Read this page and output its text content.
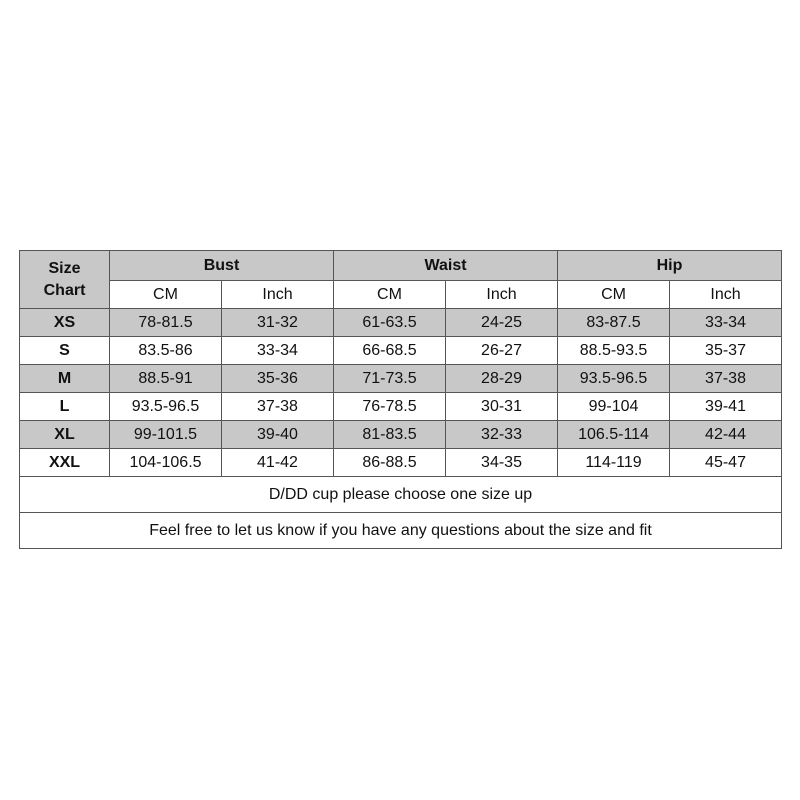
Size
Chart	Bust		Waist		Hip	
	CM	Inch	CM	Inch	CM	Inch
XS	78-81.5	31-32	61-63.5	24-25	83-87.5	33-34
S	83.5-86	33-34	66-68.5	26-27	88.5-93.5	35-37
M	88.5-91	35-36	71-73.5	28-29	93.5-96.5	37-38
L	93.5-96.5	37-38	76-78.5	30-31	99-104	39-41
XL	99-101.5	39-40	81-83.5	32-33	106.5-114	42-44
XXL	104-106.5	41-42	86-88.5	34-35	114-119	45-47
D/DD cup please choose one size up						
Feel free to let us know if you have any questions about the size and fit						
